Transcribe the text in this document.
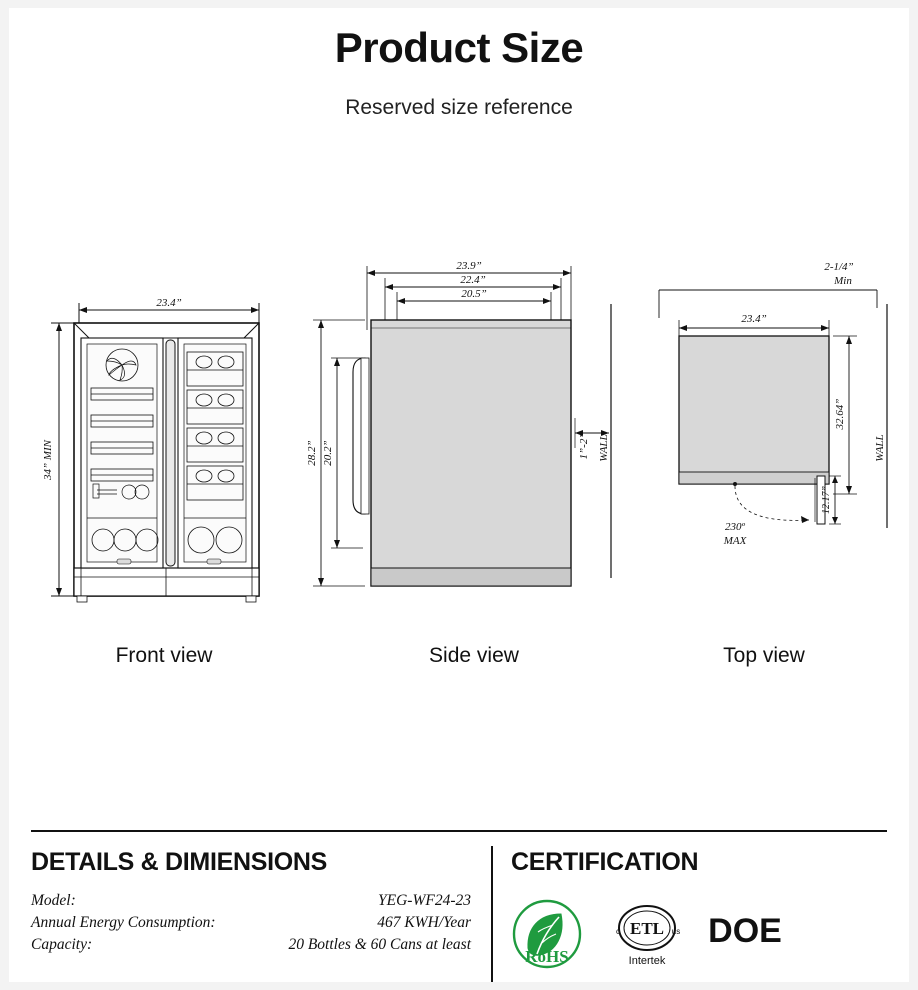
Product Size
Reserved size reference
23.4”
34” MIN
Front view
23.9”
22.4”
20.5”
28.2” 20.2”	WALL
1”-2”
Side view
2-1/4”
Min
23.4”
32.64”
12.17”
230º
MAX
WALL
Top view
DETAILS & DIMIENSIONS
Model:	YEG-WF24-23
Annual Energy Consumption:	467 KWH/Year
Capacity:	20 Bottles & 60 Cans at least
CERTIFICATION
RoHS
ETL
c	us
Intertek
DOE
